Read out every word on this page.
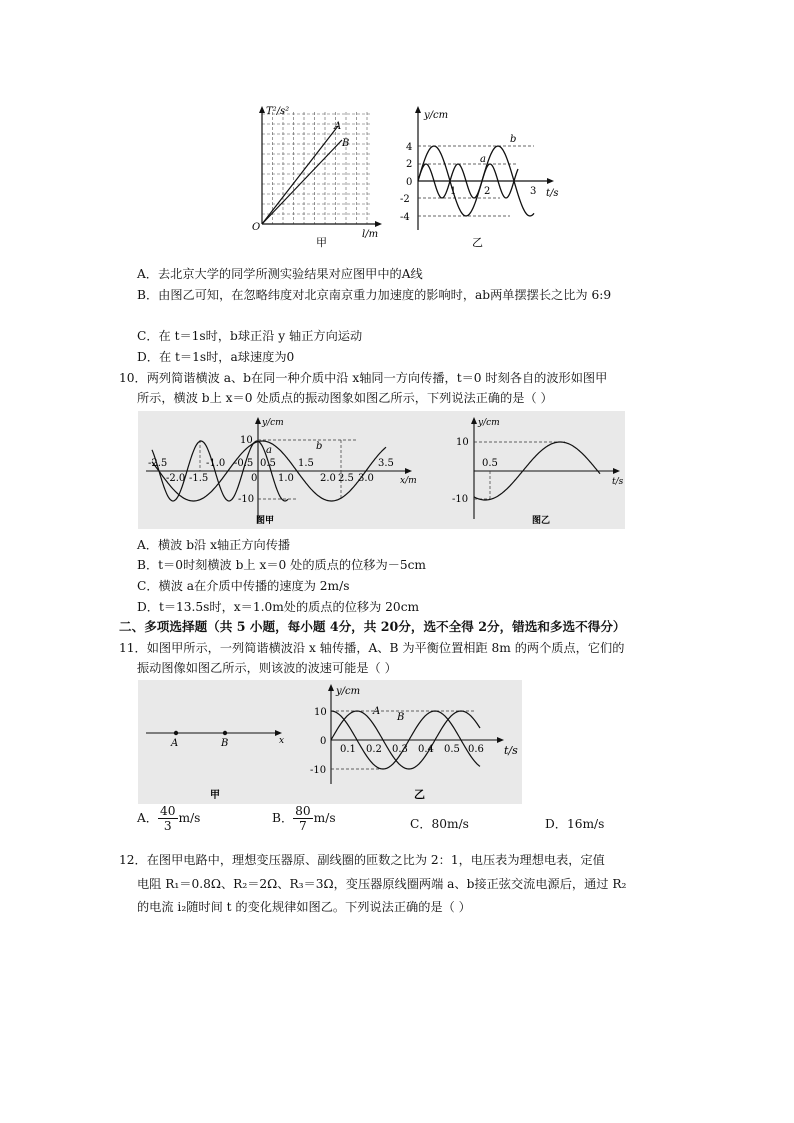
T²/s²
l/m
O
A
B
甲
y/cm
t/s
4
2
0
-2
-4
1	2	3
a
b
乙
A．去北京大学的同学所测实验结果对应图甲中的A线
B．由图乙可知，在忽略纬度对北京南京重力加速度的影响时，ab两单摆摆长之比为 6:9
C．在 t＝1s时，b球正沿 y 轴正方向运动
D．在 t＝1s时，a球速度为0
10．两列简谐横波 a、b在同一种介质中沿 x轴同一方向传播，t＝0 时刻各自的波形如图甲
所示，横波 b上 x＝0 处质点的振动图象如图乙所示，下列说法正确的是（ ）
y/cm
x/m
10
-10
-2.5
-2.0 -1.5
-1.0 -0.5
0
0.5
1.0
1.5
2.0 2.5 3.0
3.5
a	b
图甲
y/cm
t/s
10
-10
0.5
图乙
A．横波 b沿 x轴正方向传播
B．t＝0时刻横波 b上 x＝0 处的质点的位移为－5cm
C．横波 a在介质中传播的速度为 2m/s
D．t＝13.5s时，x＝1.0m处的质点的位移为 20cm
二、多项选择题（共 5 小题，每小题 4分，共 20分，选不全得 2分，错选和多选不得分）
11．如图甲所示，一列简谐横波沿 x 轴传播，A、B 为平衡位置相距 8m 的两个质点，它们的
振动图像如图乙所示，则该波的波速可能是（ ）
A	B	x
甲
y/cm
t/s
10
0
-10
0.1 0.2 0.3 0.4 0.5 0.6
A
B
乙
A． $\frac{40}{3} m/s$	B． $\frac{80}{7} m/s$	C．80m/s	D．16m/s
12．在图甲电路中，理想变压器原、副线圈的匝数之比为 2：1，电压表为理想电表，定值
电阻 R₁＝0.8Ω、R₂＝2Ω、R₃＝3Ω，变压器原线圈两端 a、b接正弦交流电源后，通过 R₂
的电流 i₂随时间 t 的变化规律如图乙。下列说法正确的是（ ）
